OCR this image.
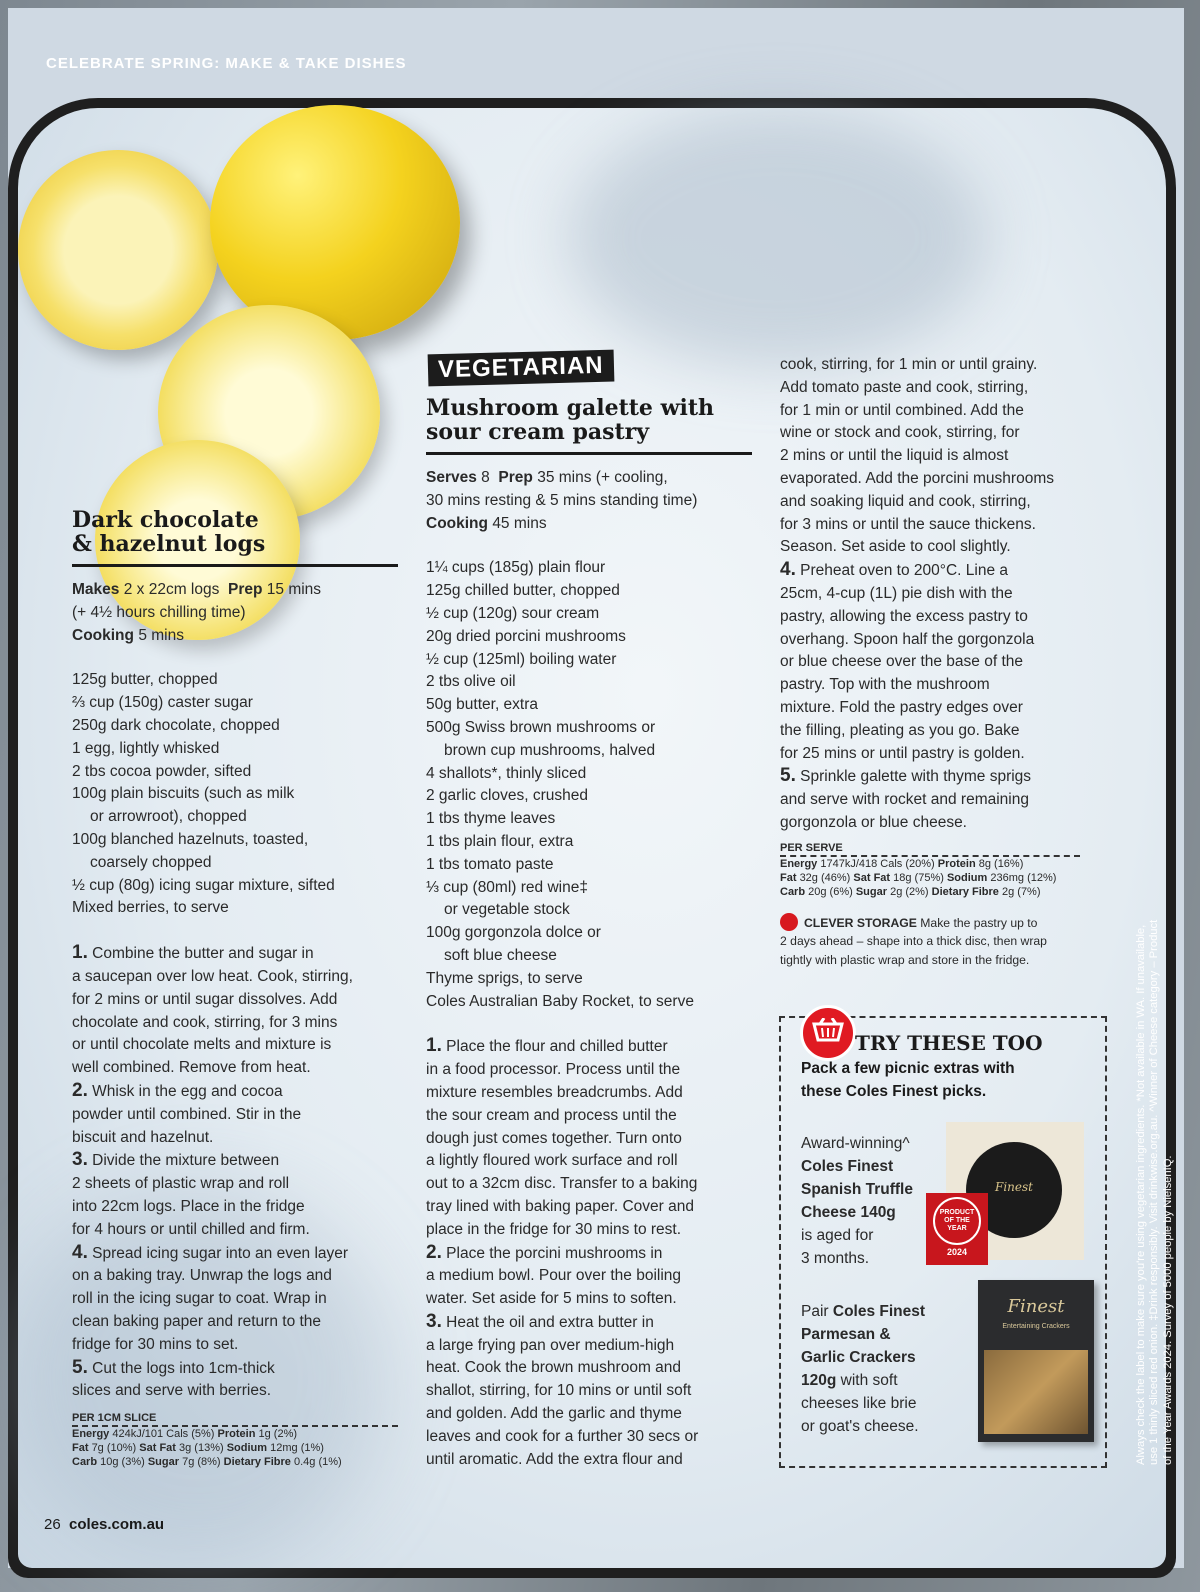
CELEBRATE SPRING: MAKE & TAKE DISHES
Dark chocolate
& hazelnut logs

Makes 2 x 22cm logs Prep 15 mins

(+ 4½ hours chilling time)

Cooking 5 mins

125g butter, chopped

⅔ cup (150g) caster sugar

250g dark chocolate, chopped

1 egg, lightly whisked

2 tbs cocoa powder, sifted

100g plain biscuits (such as milk

or arrowroot), chopped

100g blanched hazelnuts, toasted,

coarsely chopped

½ cup (80g) icing sugar mixture, sifted

Mixed berries, to serve

1. Combine the butter and sugar in

a saucepan over low heat. Cook, stirring,

for 2 mins or until sugar dissolves. Add

chocolate and cook, stirring, for 3 mins

or until chocolate melts and mixture is

well combined. Remove from heat.

2. Whisk in the egg and cocoa

powder until combined. Stir in the

biscuit and hazelnut.

3. Divide the mixture between

2 sheets of plastic wrap and roll

into 22cm logs. Place in the fridge

for 4 hours or until chilled and firm.

4. Spread icing sugar into an even layer

on a baking tray. Unwrap the logs and

roll in the icing sugar to coat. Wrap in

clean baking paper and return to the

fridge for 30 mins to set.

5. Cut the logs into 1cm-thick

slices and serve with berries.

PER 1CM SLICE
Energy 424kJ/101 Cals (5%) Protein 1g (2%)
Fat 7g (10%) Sat Fat 3g (13%) Sodium 12mg (1%)
Carb 10g (3%) Sugar 7g (8%) Dietary Fibre 0.4g (1%)
VEGETARIAN
Mushroom galette with
sour cream pastry

Serves 8 Prep 35 mins (+ cooling,

30 mins resting & 5 mins standing time)

Cooking 45 mins

1¼ cups (185g) plain flour

125g chilled butter, chopped

½ cup (120g) sour cream

20g dried porcini mushrooms

½ cup (125ml) boiling water

2 tbs olive oil

50g butter, extra

500g Swiss brown mushrooms or

brown cup mushrooms, halved

4 shallots*, thinly sliced

2 garlic cloves, crushed

1 tbs thyme leaves

1 tbs plain flour, extra

1 tbs tomato paste

⅓ cup (80ml) red wine‡

or vegetable stock

100g gorgonzola dolce or

soft blue cheese

Thyme sprigs, to serve

Coles Australian Baby Rocket, to serve

1. Place the flour and chilled butter

in a food processor. Process until the

mixture resembles breadcrumbs. Add

the sour cream and process until the

dough just comes together. Turn onto

a lightly floured work surface and roll

out to a 32cm disc. Transfer to a baking

tray lined with baking paper. Cover and

place in the fridge for 30 mins to rest.

2. Place the porcini mushrooms in

a medium bowl. Pour over the boiling

water. Set aside for 5 mins to soften.

3. Heat the oil and extra butter in

a large frying pan over medium-high

heat. Cook the brown mushroom and

shallot, stirring, for 10 mins or until soft

and golden. Add the garlic and thyme

leaves and cook for a further 30 secs or

until aromatic. Add the extra flour and

cook, stirring, for 1 min or until grainy.

Add tomato paste and cook, stirring,

for 1 min or until combined. Add the

wine or stock and cook, stirring, for

2 mins or until the liquid is almost

evaporated. Add the porcini mushrooms

and soaking liquid and cook, stirring,

for 3 mins or until the sauce thickens.

Season. Set aside to cool slightly.

4. Preheat oven to 200°C. Line a

25cm, 4-cup (1L) pie dish with the

pastry, allowing the excess pastry to

overhang. Spoon half the gorgonzola

or blue cheese over the base of the

pastry. Top with the mushroom

mixture. Fold the pastry edges over

the filling, pleating as you go. Bake

for 25 mins or until pastry is golden.

5. Sprinkle galette with thyme sprigs

and serve with rocket and remaining

gorgonzola or blue cheese.

PER SERVE
Energy 1747kJ/418 Cals (20%) Protein 8g (16%)
Fat 32g (46%) Sat Fat 18g (75%) Sodium 236mg (12%)
Carb 20g (6%) Sugar 2g (2%) Dietary Fibre 2g (7%)
CLEVER STORAGE Make the pastry up to
2 days ahead – shape into a thick disc, then wrap
tightly with plastic wrap and store in the fridge.
TRY THESE TOO
Pack a few picnic extras with
these Coles Finest picks.
Award-winning^
Coles Finest
Spanish Truffle
Cheese 140g
is aged for
3 months.
Finest
PRODUCT OF THE YEAR
2024
Pair Coles Finest
Parmesan &
Garlic Crackers
120g with soft
cheeses like brie
or goat's cheese.
Finest
Entertaining Crackers	Always check the label to make sure you're using vegetarian ingredients. *Not available in WA. If unavailable, use 1 thinly sliced red onion. ‡Drink responsibly. Visit drinkwise.org.au. ^Winner of Cheese category – Product of the Year Awards 2024. Survey of 5000 people by NielsenIQ.
26 coles.com.au
